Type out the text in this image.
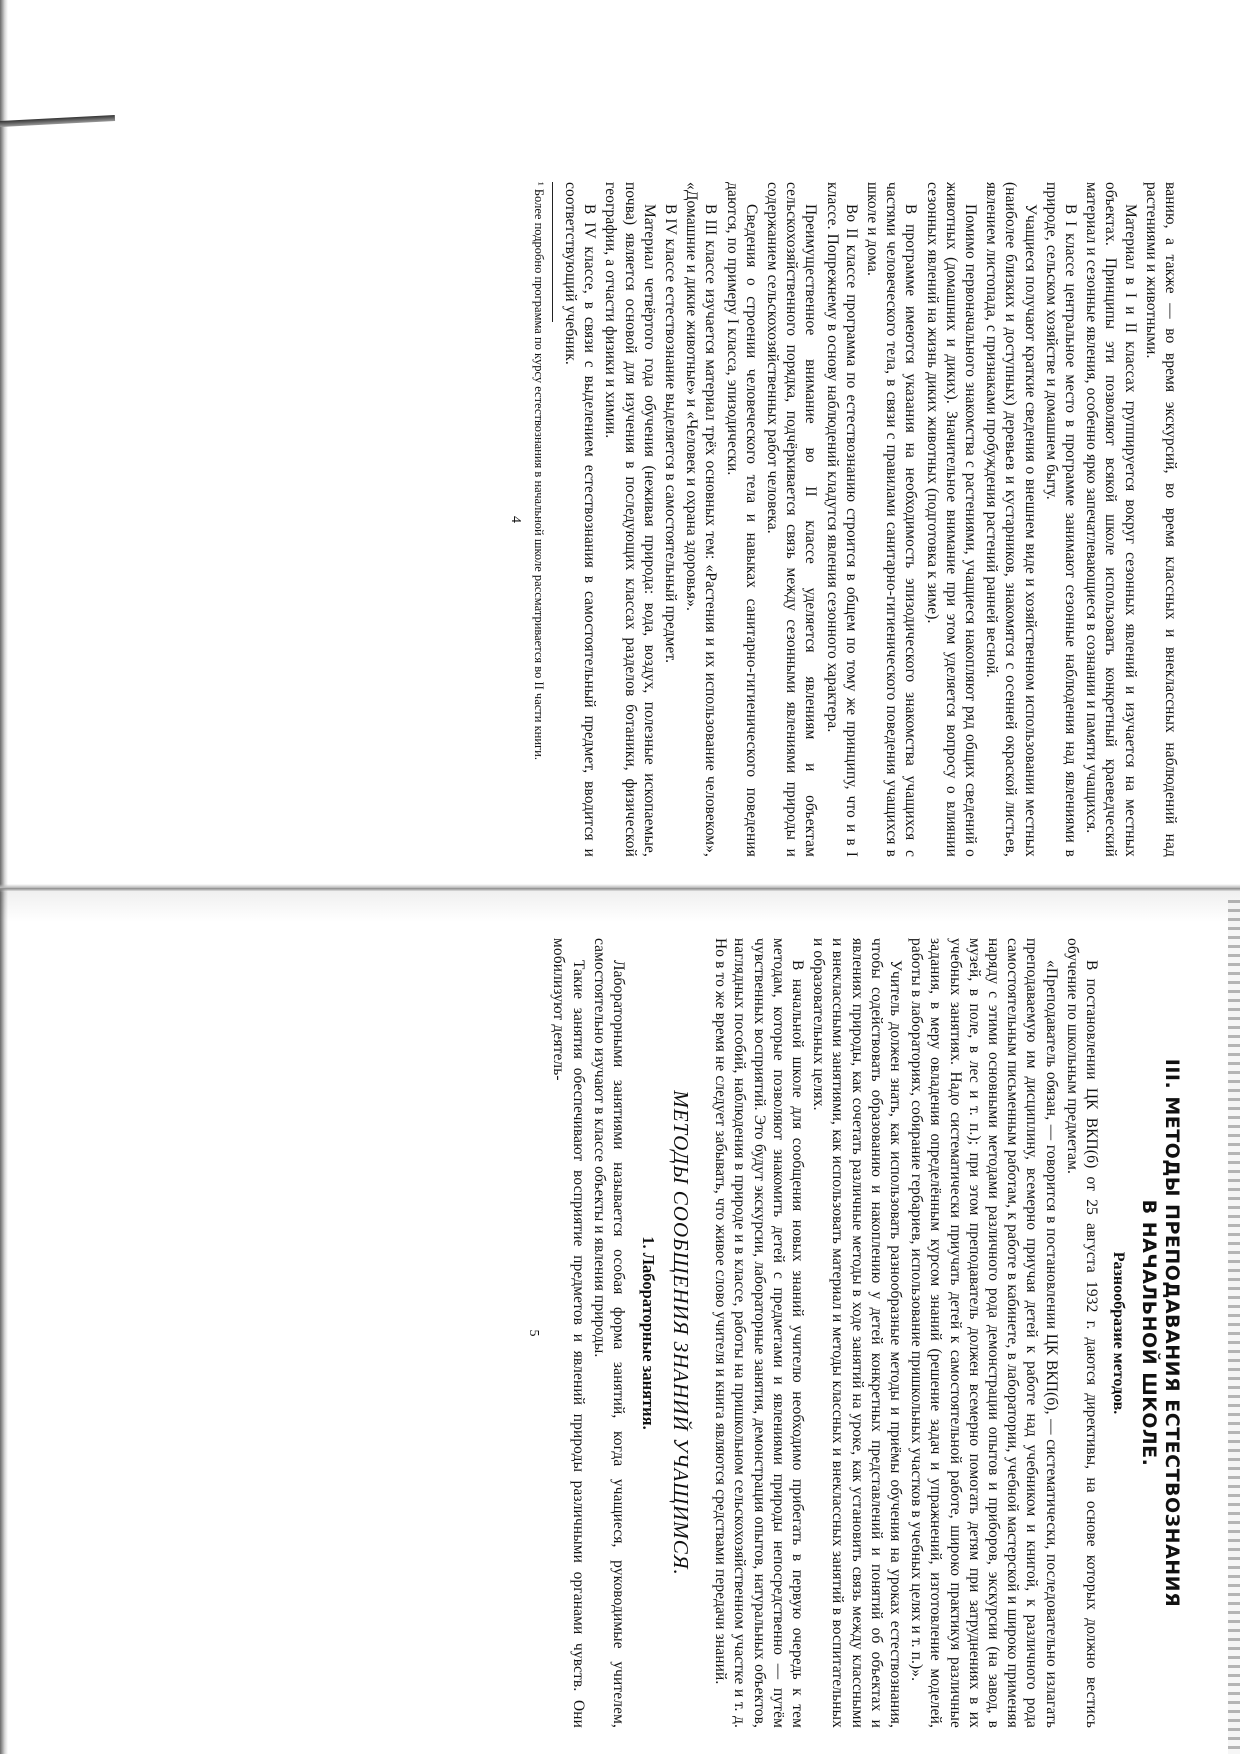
ванию, а также — во время экскурсий, во время классных и внеклассных наблюдений над растениями и животными.

Материал в I и II классах группируется вокруг сезонных явлений и изучается на местных объектах. Принципы эти позволяют всякой школе использовать конкретный краеведческий материал и сезонные явления, особенно ярко запечатлевающиеся в сознании и памяти учащихся.

В I классе центральное место в программе занимают сезонные наблюдения над явлениями в природе, сельском хозяйстве и домашнем быту.

Учащиеся получают краткие сведения о внешнем виде и хозяйственном использовании местных (наиболее близких и доступных) деревьев и кустарников, знакомятся с осенней окраской листьев, явлением листопада, с признаками пробуждения растений ранней весной.

Помимо первоначального знакомства с растениями, учащиеся накопляют ряд общих сведений о животных (домашних и диких). Значительное внимание при этом уделяется вопросу о влиянии сезонных явлений на жизнь диких животных (подготовка к зиме).

В программе имеются указания на необходимость эпизодического знакомства учащихся с частями человеческого тела, в связи с правилами санитарно-гигиенического поведения учащихся в школе и дома.

Во II классе программа по естествознанию строится в общем по тому же принципу, что и в I классе. Попрежнему в основу наблюдений кладутся явления сезонного характера.

Преимущественное внимание во II классе уделяется явлениям и объектам сельскохозяйственного порядка, подчёркивается связь между сезонными явлениями природы и содержанием сельскохозяйственных работ человека.

Сведения о строении человеческого тела и навыках санитарно-гигиенического поведения даются, по примеру I класса, эпизодически.

В III классе изучается материал трёх основных тем: «Растения и их использование человеком», «Домашние и дикие животные» и «Человек и охрана здоровья».

В IV классе естествознание выделяется в самостоятельный предмет.

Материал четвёртого года обучения (неживая природа: вода, воздух, полезные ископаемые, почва) является основой для изучения в последующих классах разделов ботаники, физической географии, а отчасти физики и химии.

В IV классе, в связи с выделением естествознания в самостоятельный предмет, вводится и соответствующий учебник.

¹ Более подробно программа по курсу естествознания в начальной школе рассматривается во II части книги.

4
III. МЕТОДЫ ПРЕПОДАВАНИЯ ЕСТЕСТВОЗНАНИЯ
В НАЧАЛЬНОЙ ШКОЛЕ.
Разнообразие методов.

В постановлении ЦК ВКП(б) от 25 августа 1932 г. даются директивы, на основе которых должно вестись обучение по школьным предметам.

«Преподаватель обязан, — говорится в постановлении ЦК ВКП(б), — систематически, последовательно излагать преподаваемую им дисциплину, всемерно приучая детей к работе над учебником и книгой, к различного рода самостоятельным письменным работам, к работе в кабинете, в лаборатории, учебной мастерской и широко применяя наряду с этими основными методами различного рода демонстрации опытов и приборов, экскурсии (на завод, в музей, в поле, в лес и т. п.); при этом преподаватель должен всемерно помогать детям при затруднениях в их учебных занятиях. Надо систематически приучать детей к самостоятельной работе, широко практикуя различные задания, в меру овладения определённым курсом знаний (решение задач и упражнений, изготовление моделей, работы в лабораториях, собирание гербариев, использование пришкольных участков в учебных целях и т. п.)».

Учитель должен знать, как использовать разнообразные методы и приёмы обучения на уроках естествознания, чтобы содействовать образованию и накоплению у детей конкретных представлений и понятий об объектах и явлениях природы, как сочетать различные методы в ходе занятий на уроке, как установить связь между классными и внеклассными занятиями, как использовать материал и методы классных и внеклассных занятий в воспитательных и образовательных целях.

В начальной школе для сообщения новых знаний учителю необходимо прибегать в первую очередь к тем методам, которые позволяют знакомить детей с предметами и явлениями природы непосредственно — путём чувственных восприятий. Это будут экскурсии, лабораторные занятия, демонстрация опытов, натуральных объектов, наглядных пособий, наблюдения в природе и в классе, работы на пришкольном сельскохозяйственном участке и т. д. Но в то же время не следует забывать, что живое слово учителя и книга являются средствами передачи знаний.

МЕТОДЫ СООБЩЕНИЯ ЗНАНИЙ УЧАЩИМСЯ.
1. Лабораторные занятия.

Лабораторными занятиями называется особая форма занятий, когда учащиеся, руководимые учителем, самостоятельно изучают в классе объекты и явления природы.

Такие занятия обеспечивают восприятие предметов и явлений природы различными органами чувств. Они мобилизуют деятель-

5
